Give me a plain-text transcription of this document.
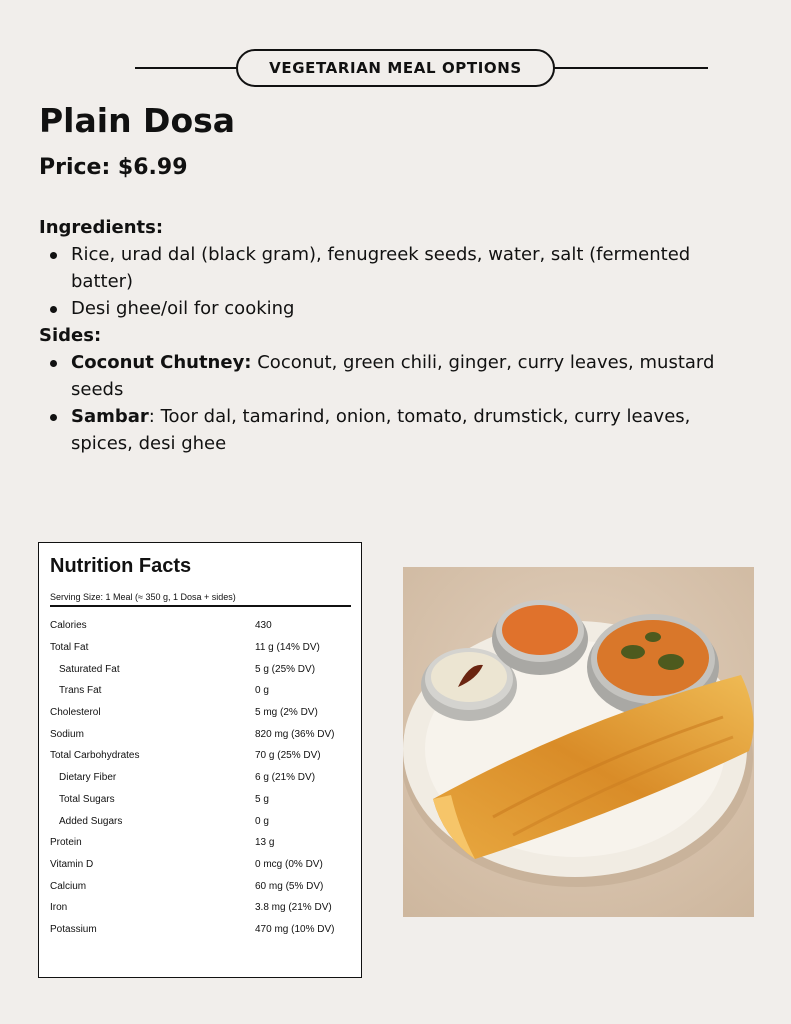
VEGETARIAN MEAL OPTIONS
Plain Dosa
Price: $6.99
Ingredients:
Rice, urad dal (black gram), fenugreek seeds, water, salt (fermented batter)
Desi ghee/oil for cooking
Sides:
Coconut Chutney: Coconut, green chili, ginger, curry leaves, mustard seeds
Sambar: Toor dal, tamarind, onion, tomato, drumstick, curry leaves, spices, desi ghee
Nutrition Facts
Serving Size: 1 Meal (≈ 350 g, 1 Dosa + sides)
Calories	430
Total Fat	11 g (14% DV)
Saturated Fat	5 g (25% DV)
Trans Fat	0 g
Cholesterol	5 mg (2% DV)
Sodium	820 mg (36% DV)
Total Carbohydrates	70 g (25% DV)
Dietary Fiber	6 g (21% DV)
Total Sugars	5 g
Added Sugars	0 g
Protein	13 g
Vitamin D	0 mcg (0% DV)
Calcium	60 mg (5% DV)
Iron	3.8 mg (21% DV)
Potassium	470 mg (10% DV)
